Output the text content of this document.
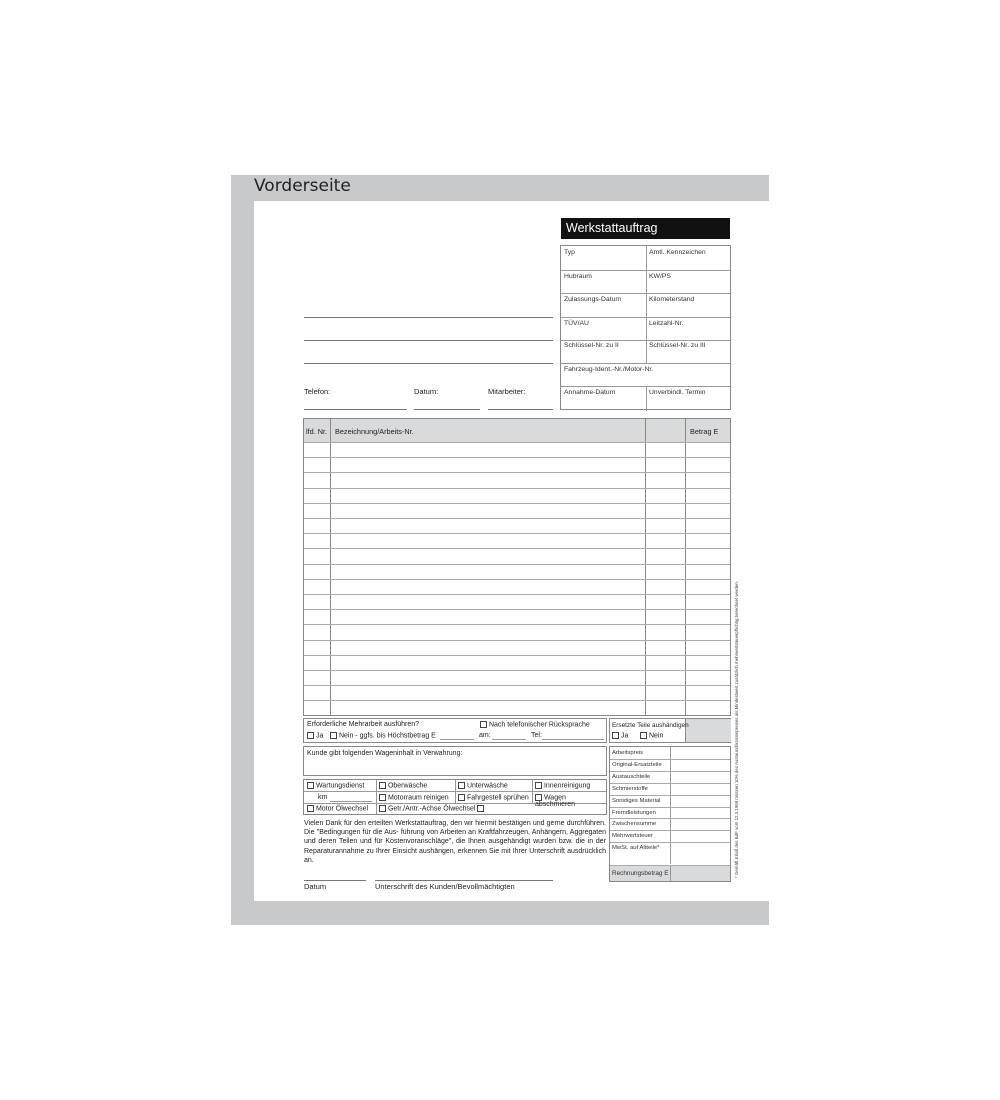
Vorderseite
Werkstattauftrag
Typ	Amtl. Kennzeichen
Hubraum	KW/PS
Zulassungs-Datum	Kilometerstand
TÜV/AU	Leitzahl-Nr.
Schlüssel-Nr. zu II	Schlüssel-Nr. zu III
Fahrzeug-Ident.-Nr./Motor-Nr.
Annahme-Datum	Unverbindl. Termin
Telefon:	Datum:	Mitarbeiter:
lfd. Nr. Bezeichnung/Arbeits-Nr.	Betrag E
Erforderliche Mehrarbeit ausführen?	Nach telefonischer Rücksprache
Ja	Nein - ggfs. bis Höchstbetrag E	am:	Tel:
Ersetzte Teile aushändigen
Ja	Nein
Kunde gibt folgenden Wageninhalt in Verwahrung:
Wartungsdienst	Oberwäsche	Unterwäsche	Innenreinigung
km	Motorraum reinigen	Fahrgestell sprühen	Wagen abschmieren
Motor Ölwechsel	Getr./Antr.-Achse Ölwechsel
Vielen Dank für den erteilten Werkstattauftrag, den wir hiermit bestätigen und gerne durchführen. Die "Bedingungen für die Aus- führung von Arbeiten an Kraftfahrzeugen, Anhängern, Aggregaten und deren Teilen und für Kostenvoranschläge", die Ihnen ausgehändigt wurden bzw. die in der Reparaturannahme zu Ihrer Einsicht aushängen, erkennen Sie mit Ihrer Unterschrift ausdrücklich an.
Datum	Unterschrift des Kunden/Bevollmächtigten
Arbeitspreis
Original-Ersatzteile
Austauschteile
Schmierstoffe
Sonstiges Material
Fremdleistungen
Zwischensumme
Mehrwertsteuer
MwSt. auf Altteile*
Rechnungsbetrag E	* Gemäß Erlaß des BdF vom 12.3.1969 müssen 10% des Austauschkostenpreises als Mindestwert zusätzlich mehrwertsteuerpflichtig berechnet werden.
